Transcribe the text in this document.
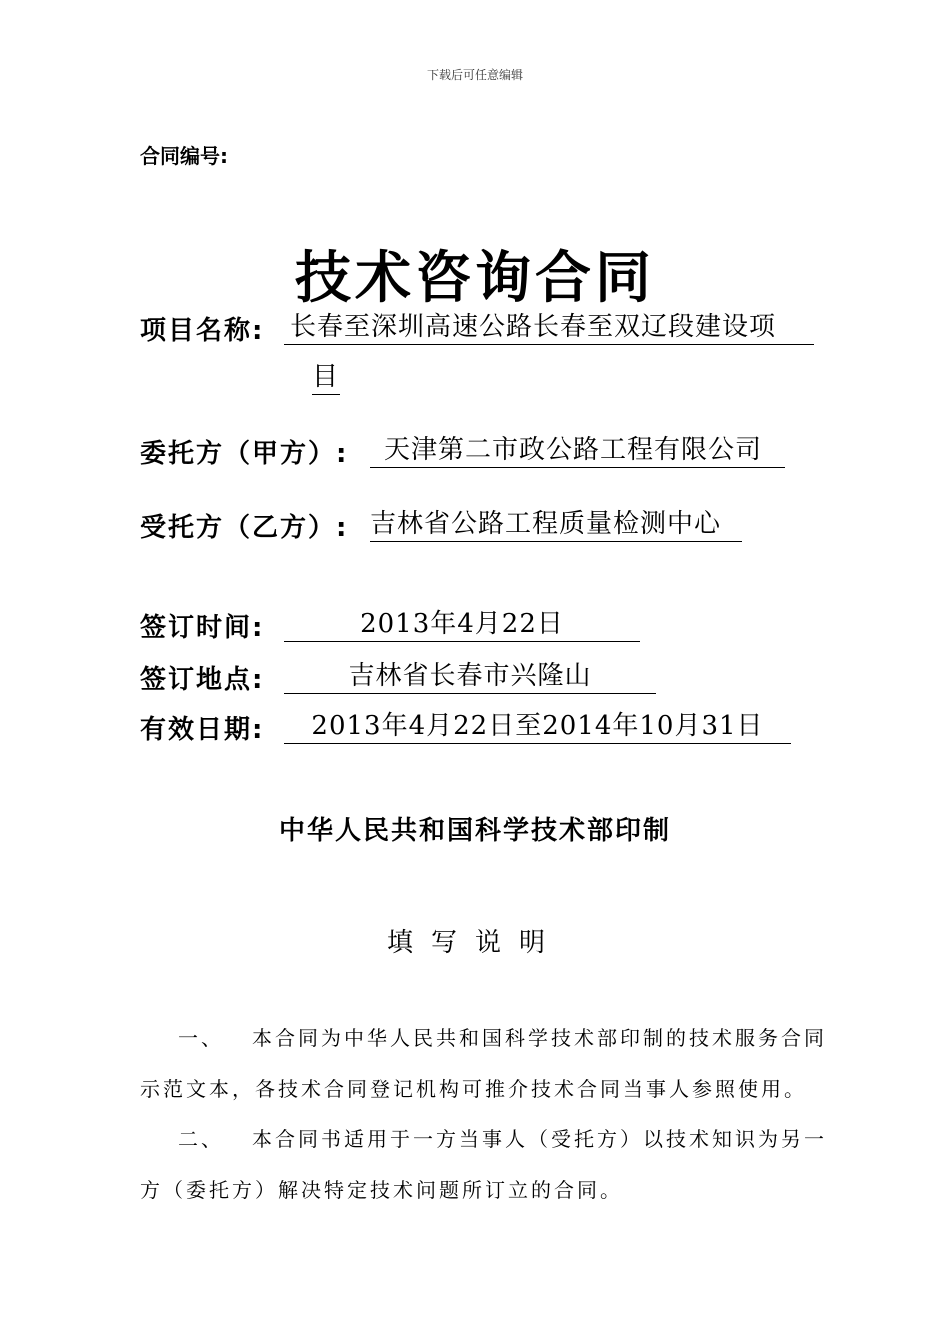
下载后可任意编辑
合同编号:
技术咨询合同
项目名称: 长春至深圳高速公路长春至双辽段建设项
目
委托方（甲方）:	天津第二市政公路工程有限公司
受托方（乙方）: 吉林省公路工程质量检测中心
签订时间:	2013年4月22日
签订地点:	吉林省长春市兴隆山
有效日期:	2013年4月22日至2014年10月31日
中华人民共和国科学技术部印制
填写说明
一、 本合同为中华人民共和国科学技术部印制的技术服务合同
示范文本，各技术合同登记机构可推介技术合同当事人参照使用。
二、 本合同书适用于一方当事人（受托方）以技术知识为另一
方（委托方）解决特定技术问题所订立的合同。
